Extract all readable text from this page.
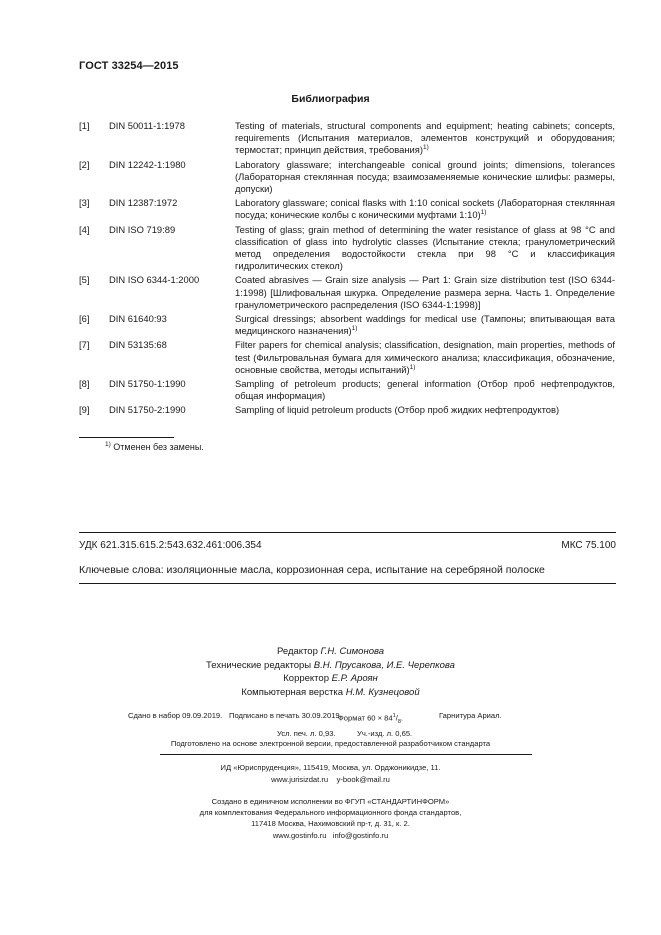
ГОСТ 33254—2015
Библиография
[1]	DIN 50011-1:1978	Testing of materials, structural components and equipment; heating cabinets; concepts, requirements (Испытания материалов, элементов конструкций и оборудования; термостат; принцип действия, требования)$^{1)}$
[2]	DIN 12242-1:1980	Laboratory glassware; interchangeable conical ground joints; dimensions, tolerances (Лабораторная стеклянная посуда; взаимозаменяемые конические шлифы: размеры, допуски)
[3]	DIN 12387:1972	Laboratory glassware; conical flasks with 1:10 conical sockets (Лабораторная стеклянная посуда; конические колбы с коническими муфтами 1:10)$^{1)}$
[4]	DIN ISO 719:89	Testing of glass; grain method of determining the water resistance of glass at 98 °C and classification of glass into hydrolytic classes (Испытание стекла; гранулометрический метод определения водостойкости стекла при 98 °C и классификация гидролитических стекол)
[5]	DIN ISO 6344-1:2000	Coated abrasives — Grain size analysis — Part 1: Grain size distribution test (ISO 6344-1:1998) [Шлифовальная шкурка. Определение размера зерна. Часть 1. Определение гранулометрического распределения (ISO 6344-1:1998)]
[6]	DIN 61640:93	Surgical dressings; absorbent waddings for medical use (Тампоны; впитывающая вата медицинского назначения)$^{1)}$
[7]	DIN 53135:68	Filter papers for chemical analysis; classification, designation, main properties, methods of test (Фильтровальная бумага для химического анализа; классификация, обозначение, основные свойства, методы испытаний)$^{1)}$
[8]	DIN 51750-1:1990	Sampling of petroleum products; general information (Отбор проб нефтепродуктов, общая информация)
[9]	DIN 51750-2:1990	Sampling of liquid petroleum products (Отбор проб жидких нефтепродуктов)
$^{1)}$ Отменен без замены.
УДК 621.315.615.2:543.632.461:006.354	МКС 75.100
Ключевые слова: изоляционные масла, коррозионная сера, испытание на серебряной полоске
Редактор Г.Н. Симонова
Технические редакторы В.Н. Прусакова, И.Е. Черепкова
Корректор Е.Р. Ароян
Компьютерная верстка Н.М. Кузнецовой
Сдано в набор 09.09.2019. Подписано в печать 30.09.2019.
Формат $60 \times 84^1/_8$.	Гарнитура Ариал.
Усл. печ. л. 0,93.	Уч.-изд. л. 0,65.
Подготовлено на основе электронной версии, предоставленной разработчиком стандарта
ИД «Юриспруденция», 115419, Москва, ул. Орджоникидзе, 11.
www.jurisizdat.ru y-book@mail.ru
Создано в единичном исполнении во ФГУП «СТАНДАРТИНФОРМ»
для комплектования Федерального информационного фонда стандартов,
117418 Москва, Нахимовский пр-т, д. 31, к. 2.
www.gostinfo.ru info@gostinfo.ru
